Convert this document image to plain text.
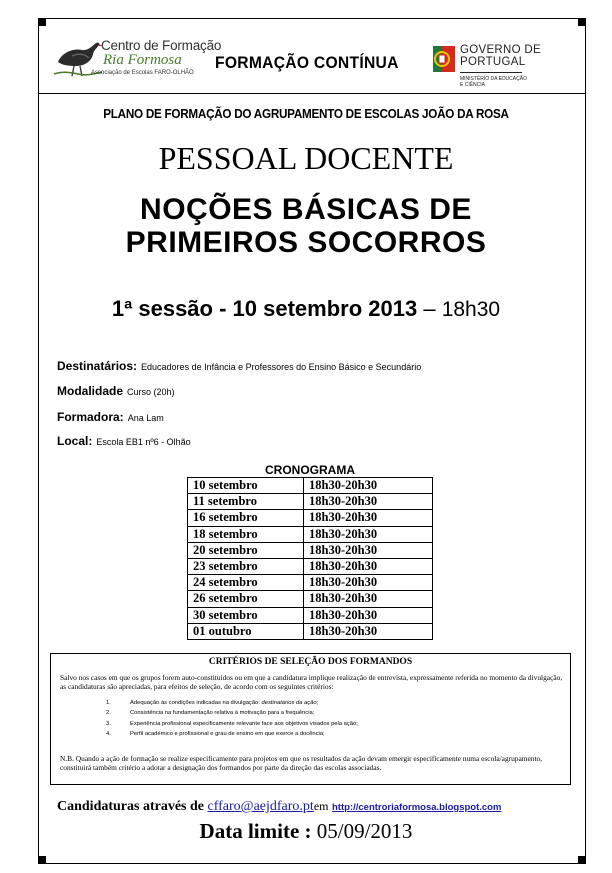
Centro de Formação
Ria Formosa
Associação de Escolas FARO-OLHÃO
FORMAÇÃO CONTÍNUA
GOVERNO DE
PORTUGAL
MINISTÉRIO DA EDUCAÇÃO
E CIÊNCIA
PLANO DE FORMAÇÃO DO AGRUPAMENTO DE ESCOLAS JOÃO DA ROSA
PESSOAL DOCENTE
NOÇÕES BÁSICAS DE
PRIMEIROS SOCORROS
1ª sessão - 10 setembro 2013 – 18h30
Destinatários: Educadores de Infância e Professores do Ensino Básico e Secundário
Modalidade Curso (20h)
Formadora: Ana Lam
Local: Escola EB1 nº6 - Olhão
CRONOGRAMA
10 setembro	18h30-20h30
11 setembro	18h30-20h30
16 setembro	18h30-20h30
18 setembro	18h30-20h30
20 setembro	18h30-20h30
23 setembro	18h30-20h30
24 setembro	18h30-20h30
26 setembro	18h30-20h30
30 setembro	18h30-20h30
01 outubro	18h30-20h30
CRITÉRIOS DE SELEÇÃO DOS FORMANDOS
Salvo nos casos em que os grupos forem auto-constituídos ou em que a candidatura implique realização de entrevista, expressamente referida no momento da divulgação, as candidaturas são apreciadas, para efeitos de seleção, de acordo com os seguintes critérios:
1.	Adequação às condições indicadas na divulgação: destinatários da ação;
2.	Consistência na fundamentação relativa à motivação para a frequência;
3.	Experiência profissional especificamente relevante face aos objetivos visados pela ação;
4.	Perfil académico e profissional e grau de ensino em que exerce a docência;
N.B. Quando a ação de formação se realize especificamente para projetos em que os resultados da ação devam emergir especificamente numa escola/agrupamento, constituirá também critério a adotar a designação dos formandos por parte da direção das escolas associadas.
Candidaturas através de cffaro@aejdfaro.ptem http://centroriaformosa.blogspot.com
Data limite : 05/09/2013
